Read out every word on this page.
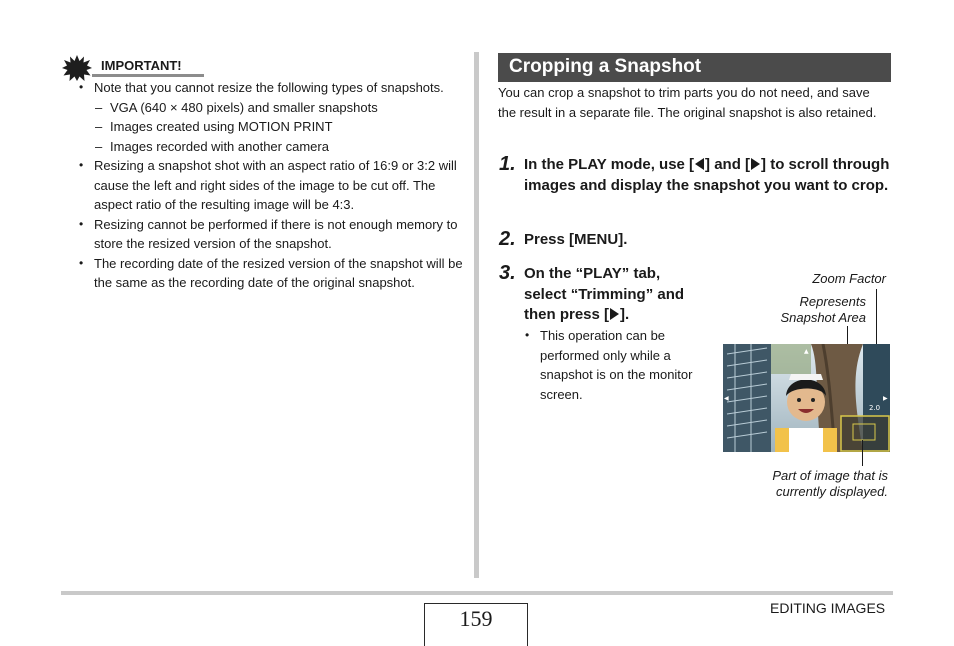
IMPORTANT!
• Note that you cannot resize the following types of snapshots.
– VGA (640 × 480 pixels) and smaller snapshots
– Images created using MOTION PRINT
– Images recorded with another camera
• Resizing a snapshot shot with an aspect ratio of 16:9 or 3:2 will cause the left and right sides of the image to be cut off. The aspect ratio of the resulting image will be 4:3.
• Resizing cannot be performed if there is not enough memory to store the resized version of the snapshot.
• The recording date of the resized version of the snapshot will be the same as the recording date of the original snapshot.
Cropping a Snapshot

You can crop a snapshot to trim parts you do not need, and save the result in a separate file. The original snapshot is also retained.

1. In the PLAY mode, use [ ] and [ ] to scroll through images and display the snapshot you want to crop.

2. Press [MENU].

3. On the “PLAY” tab, select “Trimming” and then press [ ].

• This operation can be performed only while a snapshot is on the monitor screen.
Zoom Factor
Represents Snapshot Area
▲
▼
◀	▶
2.0
Part of image that is currently displayed.
159	EDITING IMAGES
